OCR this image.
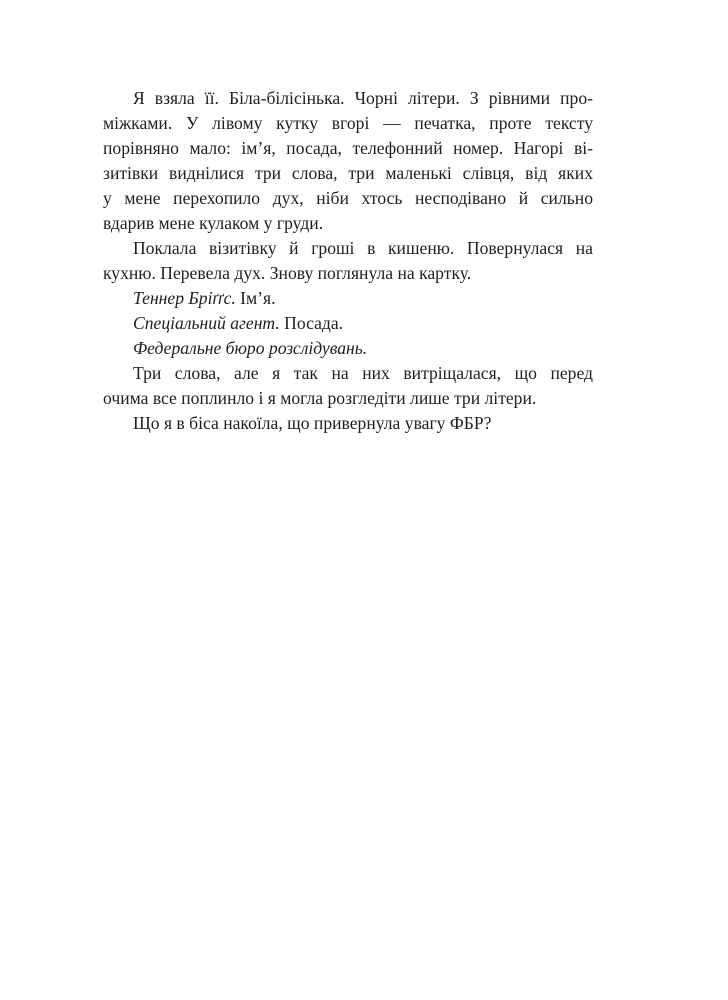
Я взяла її. Біла-білісінька. Чорні літери. З рівними про-
міжками. У лівому кутку вгорі — печатка, проте тексту
порівняно мало: ім’я, посада, телефонний номер. Нагорі ві-
зитівки виднілися три слова, три маленькі слівця, від яких
у мене перехопило дух, ніби хтось несподівано й сильно
вдарив мене кулаком у груди.

Поклала візитівку й гроші в кишеню. Повернулася на
кухню. Перевела дух. Знову поглянула на картку.

Теннер Бріґґс. Ім’я.

Спеціальний агент. Посада.

Федеральне бюро розслідувань.

Три слова, але я так на них витріщалася, що перед
очима все поплинло і я могла розгледіти лише три літери.

Що я в біса накоїла, що привернула увагу ФБР?
